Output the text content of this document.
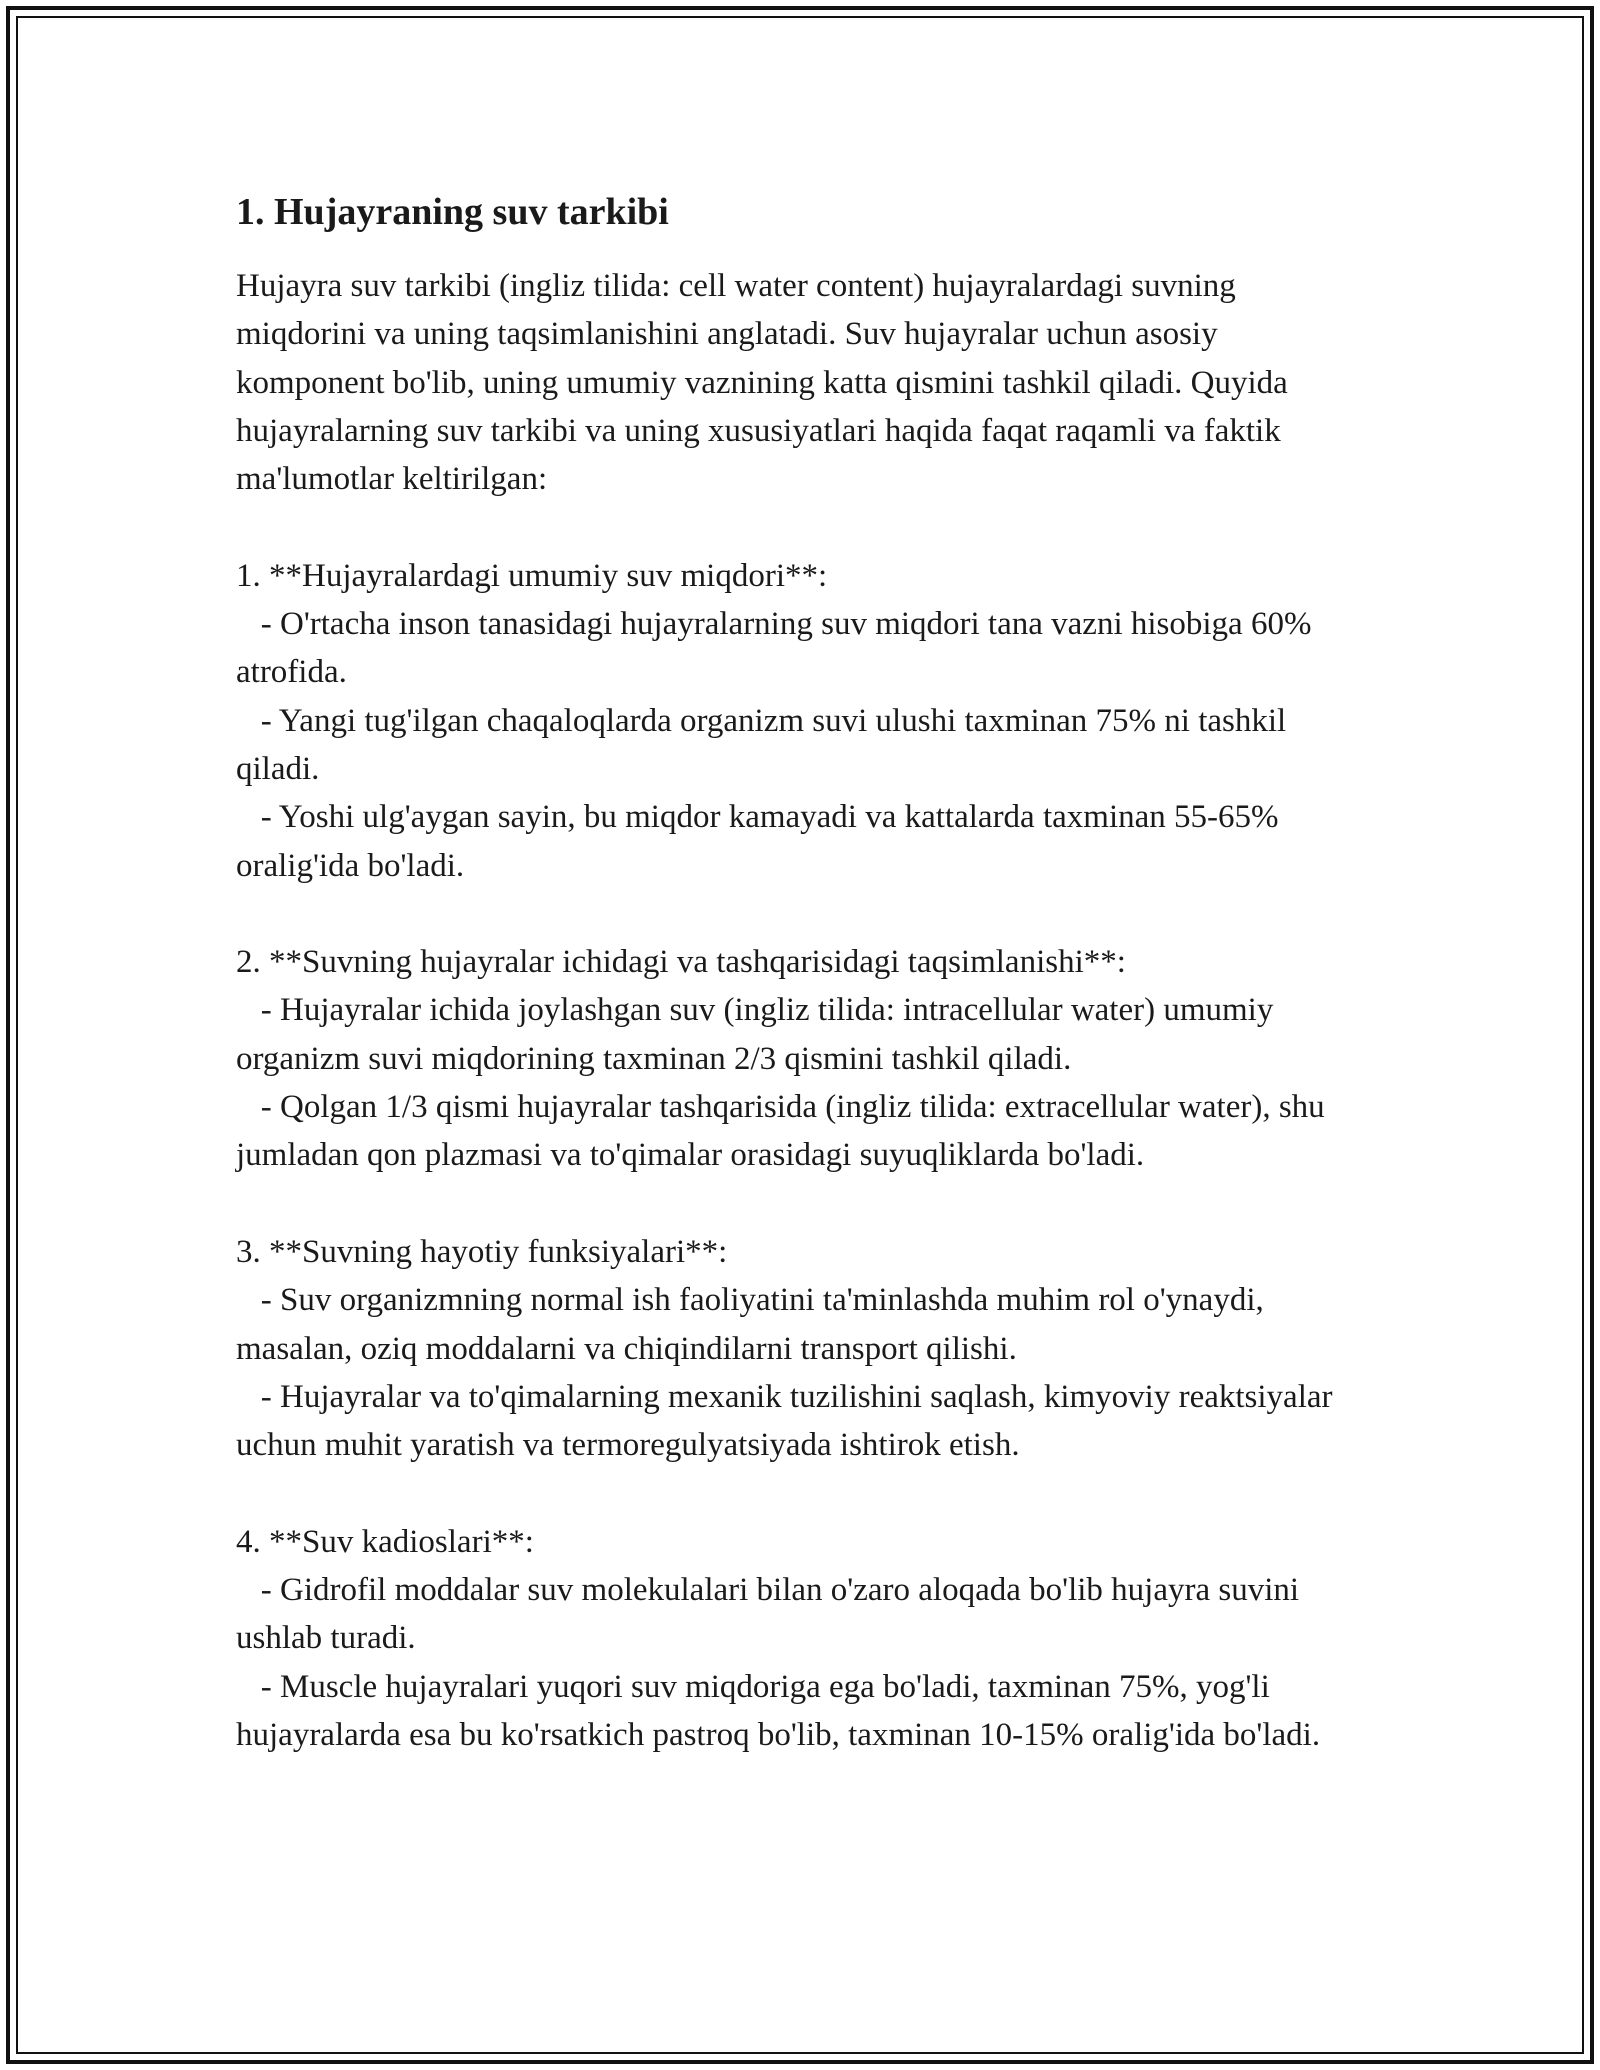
1. Hujayraning suv tarkibi

Hujayra suv tarkibi (ingliz tilida: cell water content) hujayralardagi suvning miqdorini va uning taqsimlanishini anglatadi. Suv hujayralar uchun asosiy komponent bo'lib, uning umumiy vaznining katta qismini tashkil qiladi. Quyida hujayralarning suv tarkibi va uning xususiyatlari haqida faqat raqamli va faktik ma'lumotlar keltirilgan:

1. **Hujayralardagi umumiy suv miqdori**:

- O'rtacha inson tanasidagi hujayralarning suv miqdori tana vazni hisobiga 60% atrofida.

- Yangi tug'ilgan chaqaloqlarda organizm suvi ulushi taxminan 75% ni tashkil qiladi.

- Yoshi ulg'aygan sayin, bu miqdor kamayadi va kattalarda taxminan 55-65% oralig'ida bo'ladi.

2. **Suvning hujayralar ichidagi va tashqarisidagi taqsimlanishi**:

- Hujayralar ichida joylashgan suv (ingliz tilida: intracellular water) umumiy organizm suvi miqdorining taxminan 2/3 qismini tashkil qiladi.

- Qolgan 1/3 qismi hujayralar tashqarisida (ingliz tilida: extracellular water), shu jumladan qon plazmasi va to'qimalar orasidagi suyuqliklarda bo'ladi.

3. **Suvning hayotiy funksiyalari**:

- Suv organizmning normal ish faoliyatini ta'minlashda muhim rol o'ynaydi, masalan, oziq moddalarni va chiqindilarni transport qilishi.

- Hujayralar va to'qimalarning mexanik tuzilishini saqlash, kimyoviy reaktsiyalar uchun muhit yaratish va termoregulyatsiyada ishtirok etish.

4. **Suv kadioslari**:

- Gidrofil moddalar suv molekulalari bilan o'zaro aloqada bo'lib hujayra suvini ushlab turadi.

- Muscle hujayralari yuqori suv miqdoriga ega bo'ladi, taxminan 75%, yog'li hujayralarda esa bu ko'rsatkich pastroq bo'lib, taxminan 10-15% oralig'ida bo'ladi.
